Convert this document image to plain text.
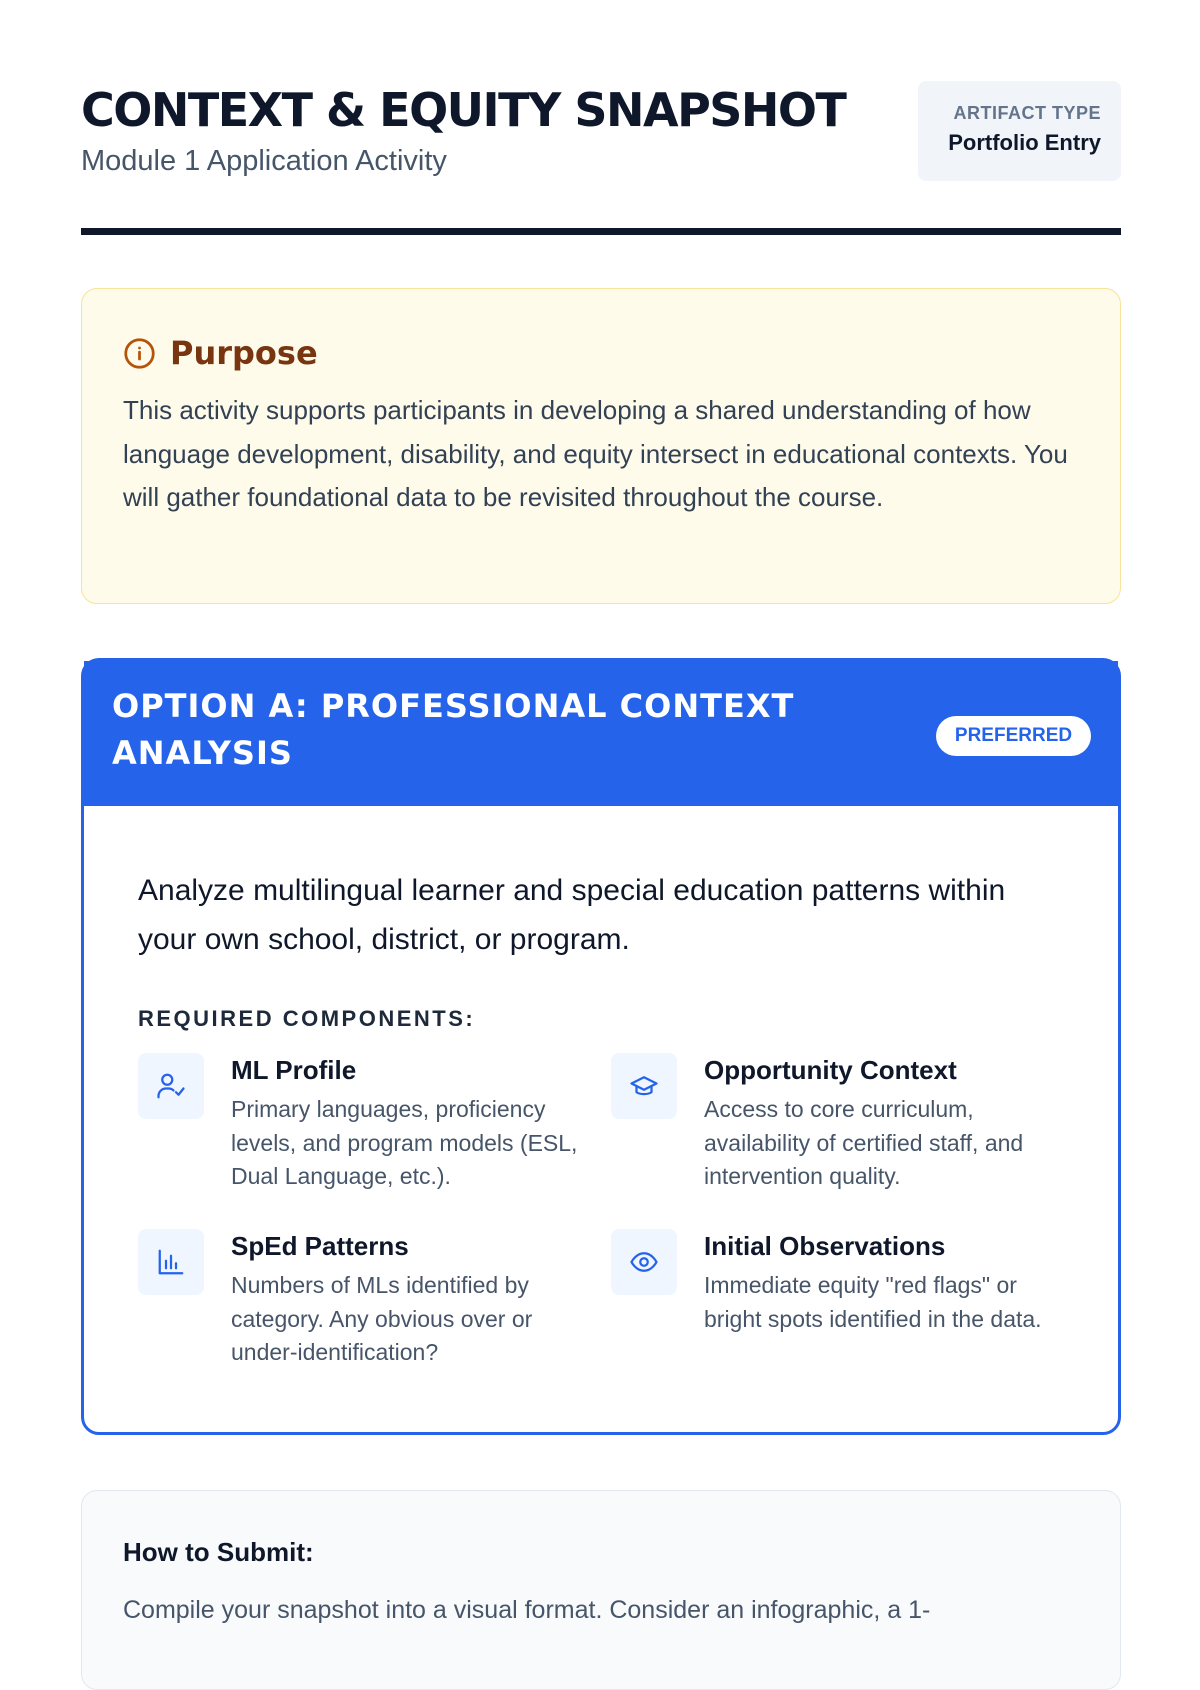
CONTEXT & EQUITY SNAPSHOT
Module 1 Application Activity
ARTIFACT TYPE
Portfolio Entry
Purpose

This activity supports participants in developing a shared understanding of how language development, disability, and equity intersect in educational contexts. You will gather foundational data to be revisited throughout the course.

OPTION A: PROFESSIONAL CONTEXT ANALYSIS	PREFERRED

Analyze multilingual learner and special education patterns within your own school, district, or program.

REQUIRED COMPONENTS:
ML Profile
Primary languages, proficiency levels, and program models (ESL, Dual Language, etc.).
Opportunity Context
Access to core curriculum, availability of certified staff, and intervention quality.
SpEd Patterns
Numbers of MLs identified by category. Any obvious over or under-identification?
Initial Observations
Immediate equity "red flags" or bright spots identified in the data.
How to Submit:

Compile your snapshot into a visual format. Consider an infographic, a 1-
